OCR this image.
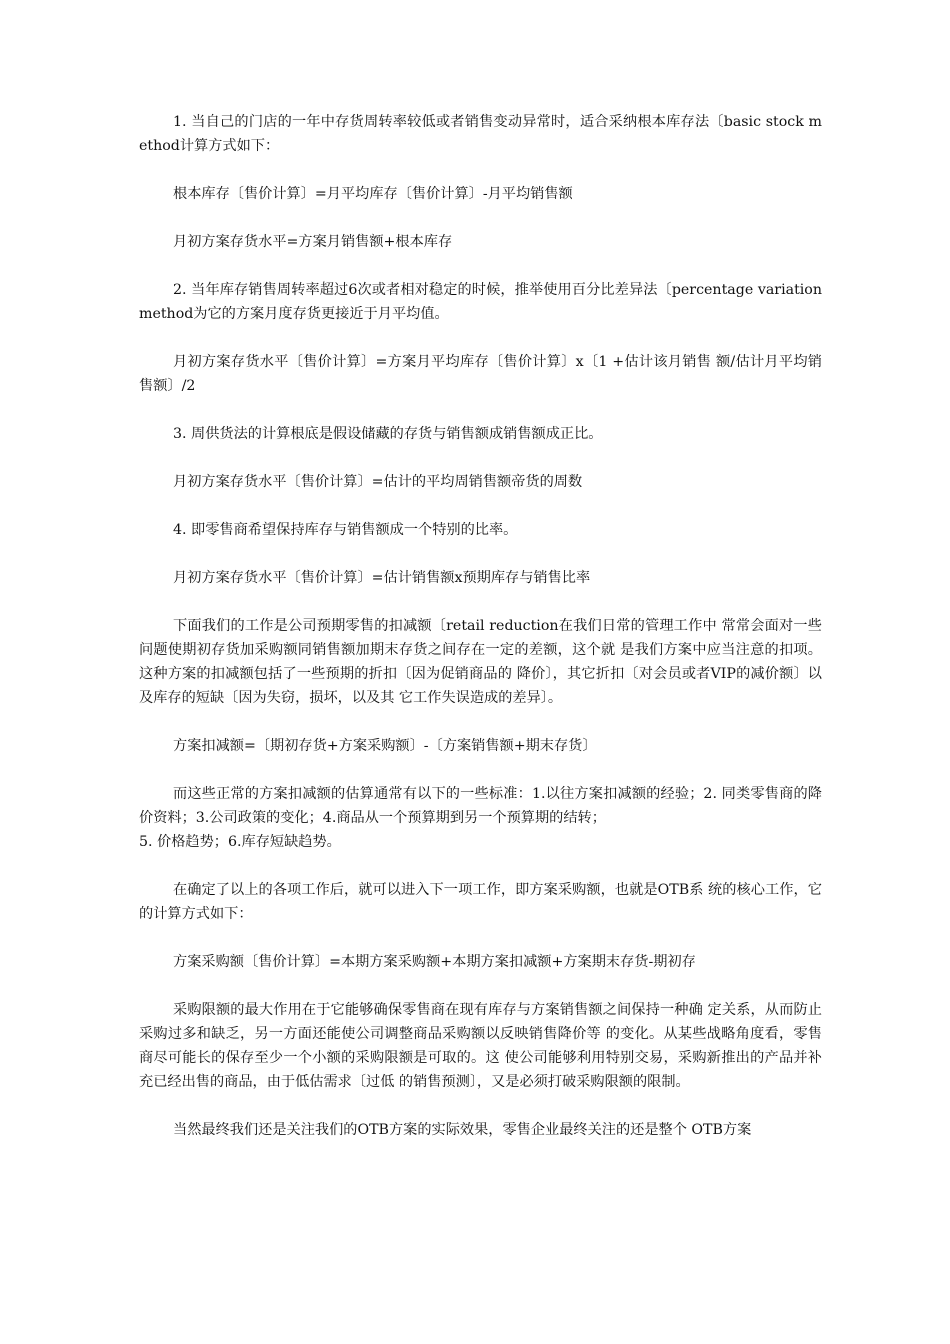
1. 当自己的门店的一年中存货周转率较低或者销售变动异常时，适合采纳根本库存法〔basic stock method计算方式如下：

根本库存〔售价计算〕=月平均库存〔售价计算〕-月平均销售额

月初方案存货水平=方案月销售额+根本库存

2. 当年库存销售周转率超过6次或者相对稳定的时候，推举使用百分比差异法〔percentage variation method为它的方案月度存货更接近于月平均值。

月初方案存货水平〔售价计算〕=方案月平均库存〔售价计算〕x〔1 +估计该月销售 额/估计月平均销售额〕/2

3. 周供货法的计算根底是假设储藏的存货与销售额成销售额成正比。

月初方案存货水平〔售价计算〕=估计的平均周销售额帝货的周数

4. 即零售商希望保持库存与销售额成一个特别的比率。

月初方案存货水平〔售价计算〕=估计销售额x预期库存与销售比率

下面我们的工作是公司预期零售的扣减额〔retail reduction在我们日常的管理工作中 常常会面对一些问题使期初存货加采购额同销售额加期末存货之间存在一定的差额，这个就 是我们方案中应当注意的扣项。这种方案的扣减额包括了一些预期的折扣〔因为促销商品的 降价〕，其它折扣〔对会员或者VIP的减价额〕以及库存的短缺〔因为失窃，损坏，以及其 它工作失误造成的差异〕。

方案扣减额=〔期初存货+方案采购额〕-〔方案销售额+期末存货〕

而这些正常的方案扣减额的估算通常有以下的一些标准：1.以往方案扣减额的经验；2. 同类零售商的降价资料；3.公司政策的变化；4.商品从一个预算期到另一个预算期的结转；

5. 价格趋势；6.库存短缺趋势。

在确定了以上的各项工作后，就可以进入下一项工作，即方案采购额，也就是OTB系 统的核心工作，它的计算方式如下：

方案采购额〔售价计算〕=本期方案采购额+本期方案扣减额+方案期末存货-期初存

采购限额的最大作用在于它能够确保零售商在现有库存与方案销售额之间保持一种确 定关系，从而防止采购过多和缺乏，另一方面还能使公司调整商品采购额以反映销售降价等 的变化。从某些战略角度看，零售商尽可能长的保存至少一个小额的采购限额是可取的。这 使公司能够利用特别交易，采购新推出的产品并补充已经出售的商品，由于低估需求〔过低 的销售预测〕，又是必须打破采购限额的限制。

当然最终我们还是关注我们的OTB方案的实际效果，零售企业最终关注的还是整个 OTB方案
